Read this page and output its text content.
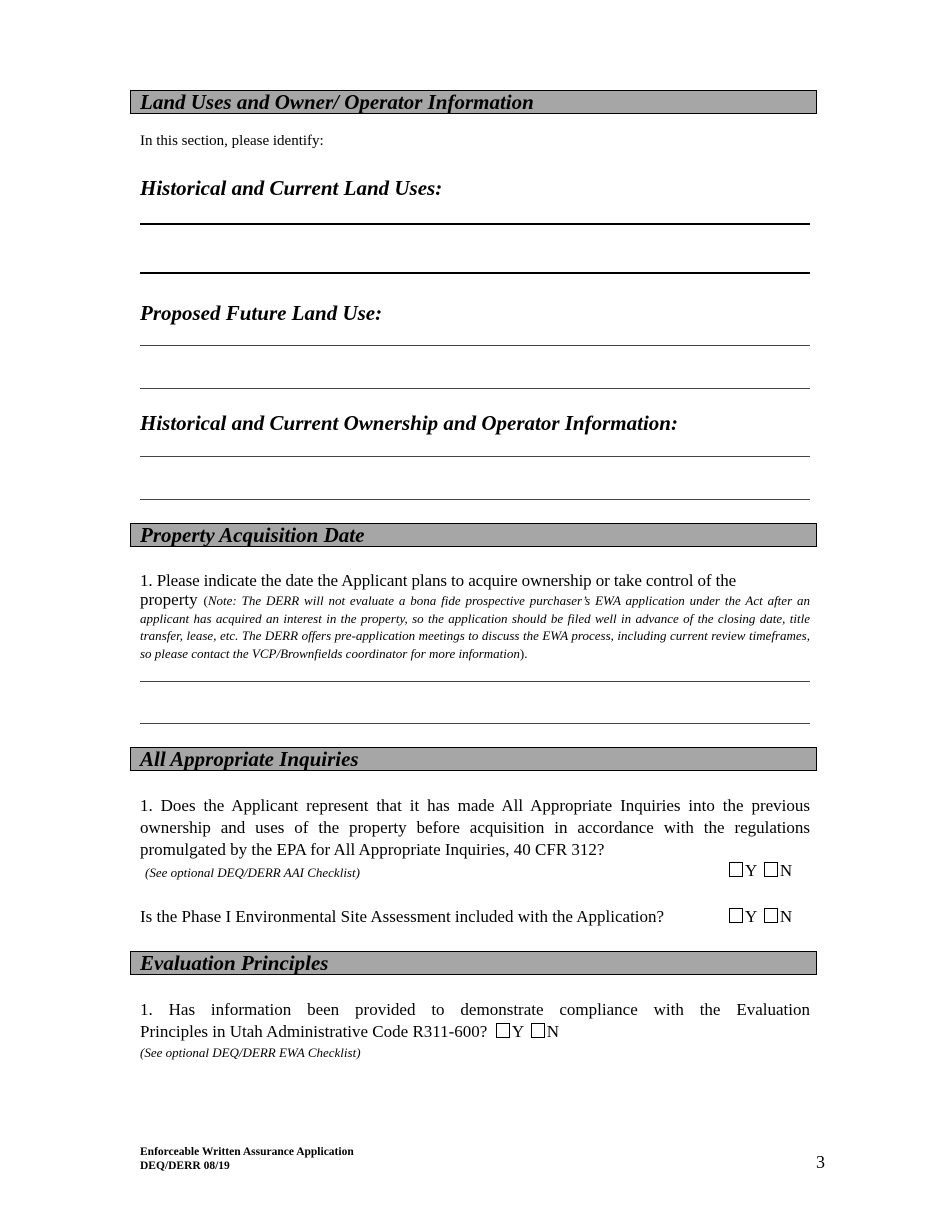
Land Uses and Owner/ Operator Information
In this section, please identify:
Historical and Current Land Uses:
Proposed Future Land Use:
Historical and Current Ownership and Operator Information:
Property Acquisition Date
1. Please indicate the date the Applicant plans to acquire ownership or take control of the
property (Note: The DERR will not evaluate a bona fide prospective purchaser’s EWA application under the Act after an applicant has acquired an interest in the property, so the application should be filed well in advance of the closing date, title transfer, lease, etc. The DERR offers pre-application meetings to discuss the EWA process, including current review timeframes, so please contact the VCP/Brownfields coordinator for more information).
All Appropriate Inquiries
1. Does the Applicant represent that it has made All Appropriate Inquiries into the previous ownership and uses of the property before acquisition in accordance with the regulations promulgated by the EPA for All Appropriate Inquiries, 40 CFR 312?
(See optional DEQ/DERR AAI Checklist)	Y N
Is the Phase I Environmental Site Assessment included with the Application?	Y N
Evaluation Principles
1. Has information been provided to demonstrate compliance with the Evaluation
Principles in Utah Administrative Code R311-600? Y N
(See optional DEQ/DERR EWA Checklist)
Enforceable Written Assurance Application
DEQ/DERR 08/19	3
